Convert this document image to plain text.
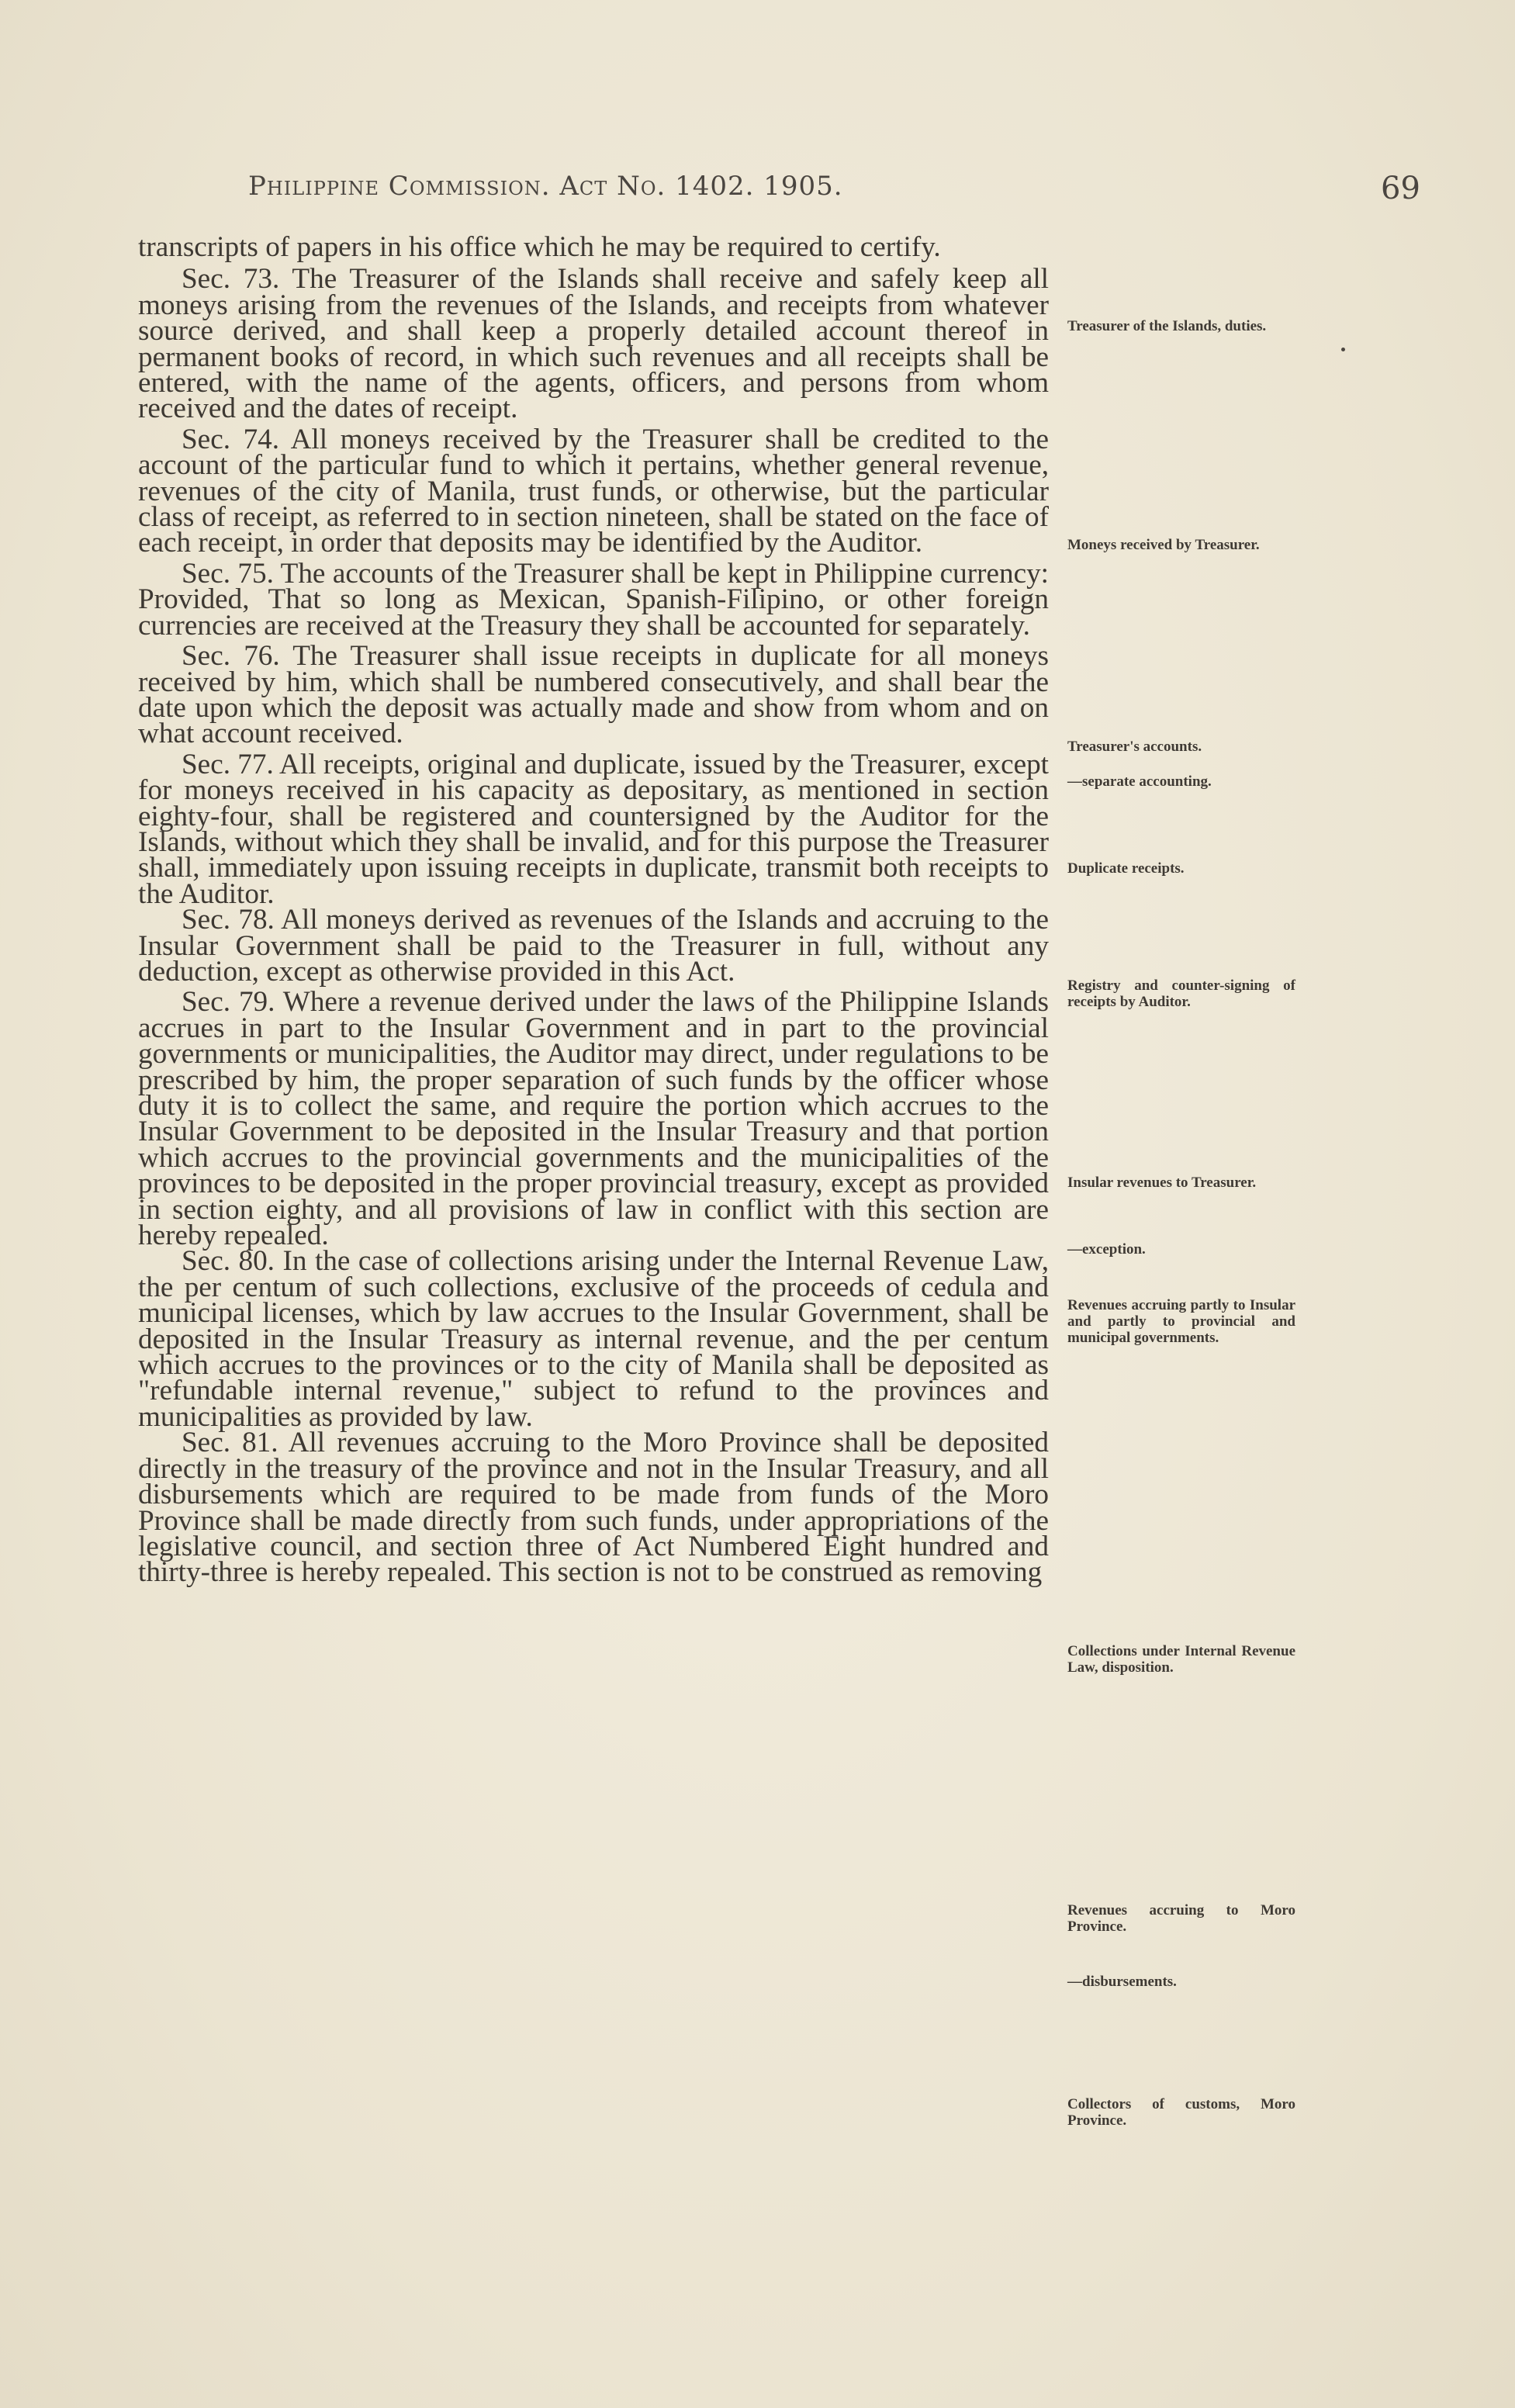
Philippine Commission. Act No. 1402. 1905.	69

transcripts of papers in his office which he may be required to certify.

Sec. 73. The Treasurer of the Islands shall receive and safely keep all moneys arising from the revenues of the Islands, and receipts from whatever source derived, and shall keep a properly detailed account thereof in permanent books of record, in which such revenues and all receipts shall be entered, with the name of the agents, officers, and persons from whom received and the dates of receipt.

Sec. 74. All moneys received by the Treasurer shall be credited to the account of the particular fund to which it pertains, whether general revenue, revenues of the city of Manila, trust funds, or otherwise, but the particular class of receipt, as referred to in section nineteen, shall be stated on the face of each receipt, in order that deposits may be identified by the Auditor.

Sec. 75. The accounts of the Treasurer shall be kept in Philippine currency: Provided, That so long as Mexican, Spanish-Filipino, or other foreign currencies are received at the Treasury they shall be accounted for separately.

Sec. 76. The Treasurer shall issue receipts in duplicate for all moneys received by him, which shall be numbered consecutively, and shall bear the date upon which the deposit was actually made and show from whom and on what account received.

Sec. 77. All receipts, original and duplicate, issued by the Treasurer, except for moneys received in his capacity as depositary, as mentioned in section eighty-four, shall be registered and countersigned by the Auditor for the Islands, without which they shall be invalid, and for this purpose the Treasurer shall, immediately upon issuing receipts in duplicate, transmit both receipts to the Auditor.

Sec. 78. All moneys derived as revenues of the Islands and accruing to the Insular Government shall be paid to the Treasurer in full, without any deduction, except as otherwise provided in this Act.

Sec. 79. Where a revenue derived under the laws of the Philippine Islands accrues in part to the Insular Government and in part to the provincial governments or municipalities, the Auditor may direct, under regulations to be prescribed by him, the proper separation of such funds by the officer whose duty it is to collect the same, and require the portion which accrues to the Insular Government to be deposited in the Insular Treasury and that portion which accrues to the provincial governments and the municipalities of the provinces to be deposited in the proper provincial treasury, except as provided in section eighty, and all provisions of law in conflict with this section are hereby repealed.

Sec. 80. In the case of collections arising under the Internal Revenue Law, the per centum of such collections, exclusive of the proceeds of cedula and municipal licenses, which by law accrues to the Insular Government, shall be deposited in the Insular Treasury as internal revenue, and the per centum which accrues to the provinces or to the city of Manila shall be deposited as "refundable internal revenue," subject to refund to the provinces and municipalities as provided by law.

Sec. 81. All revenues accruing to the Moro Province shall be deposited directly in the treasury of the province and not in the Insular Treasury, and all disbursements which are required to be made from funds of the Moro Province shall be made directly from such funds, under appropriations of the legislative council, and section three of Act Numbered Eight hundred and thirty-three is hereby repealed. This section is not to be construed as removing

Treasurer of the Islands, duties.
Moneys received by Treasurer.
Treasurer's accounts.
—separate accounting.
Duplicate receipts.
Registry and counter-signing of receipts by Auditor.
Insular revenues to Treasurer.
—exception.
Revenues accruing partly to Insular and partly to provincial and municipal governments.
Collections under Internal Revenue Law, disposition.
Revenues accruing to Moro Province.
—disbursements.
Collectors of customs, Moro Province.
